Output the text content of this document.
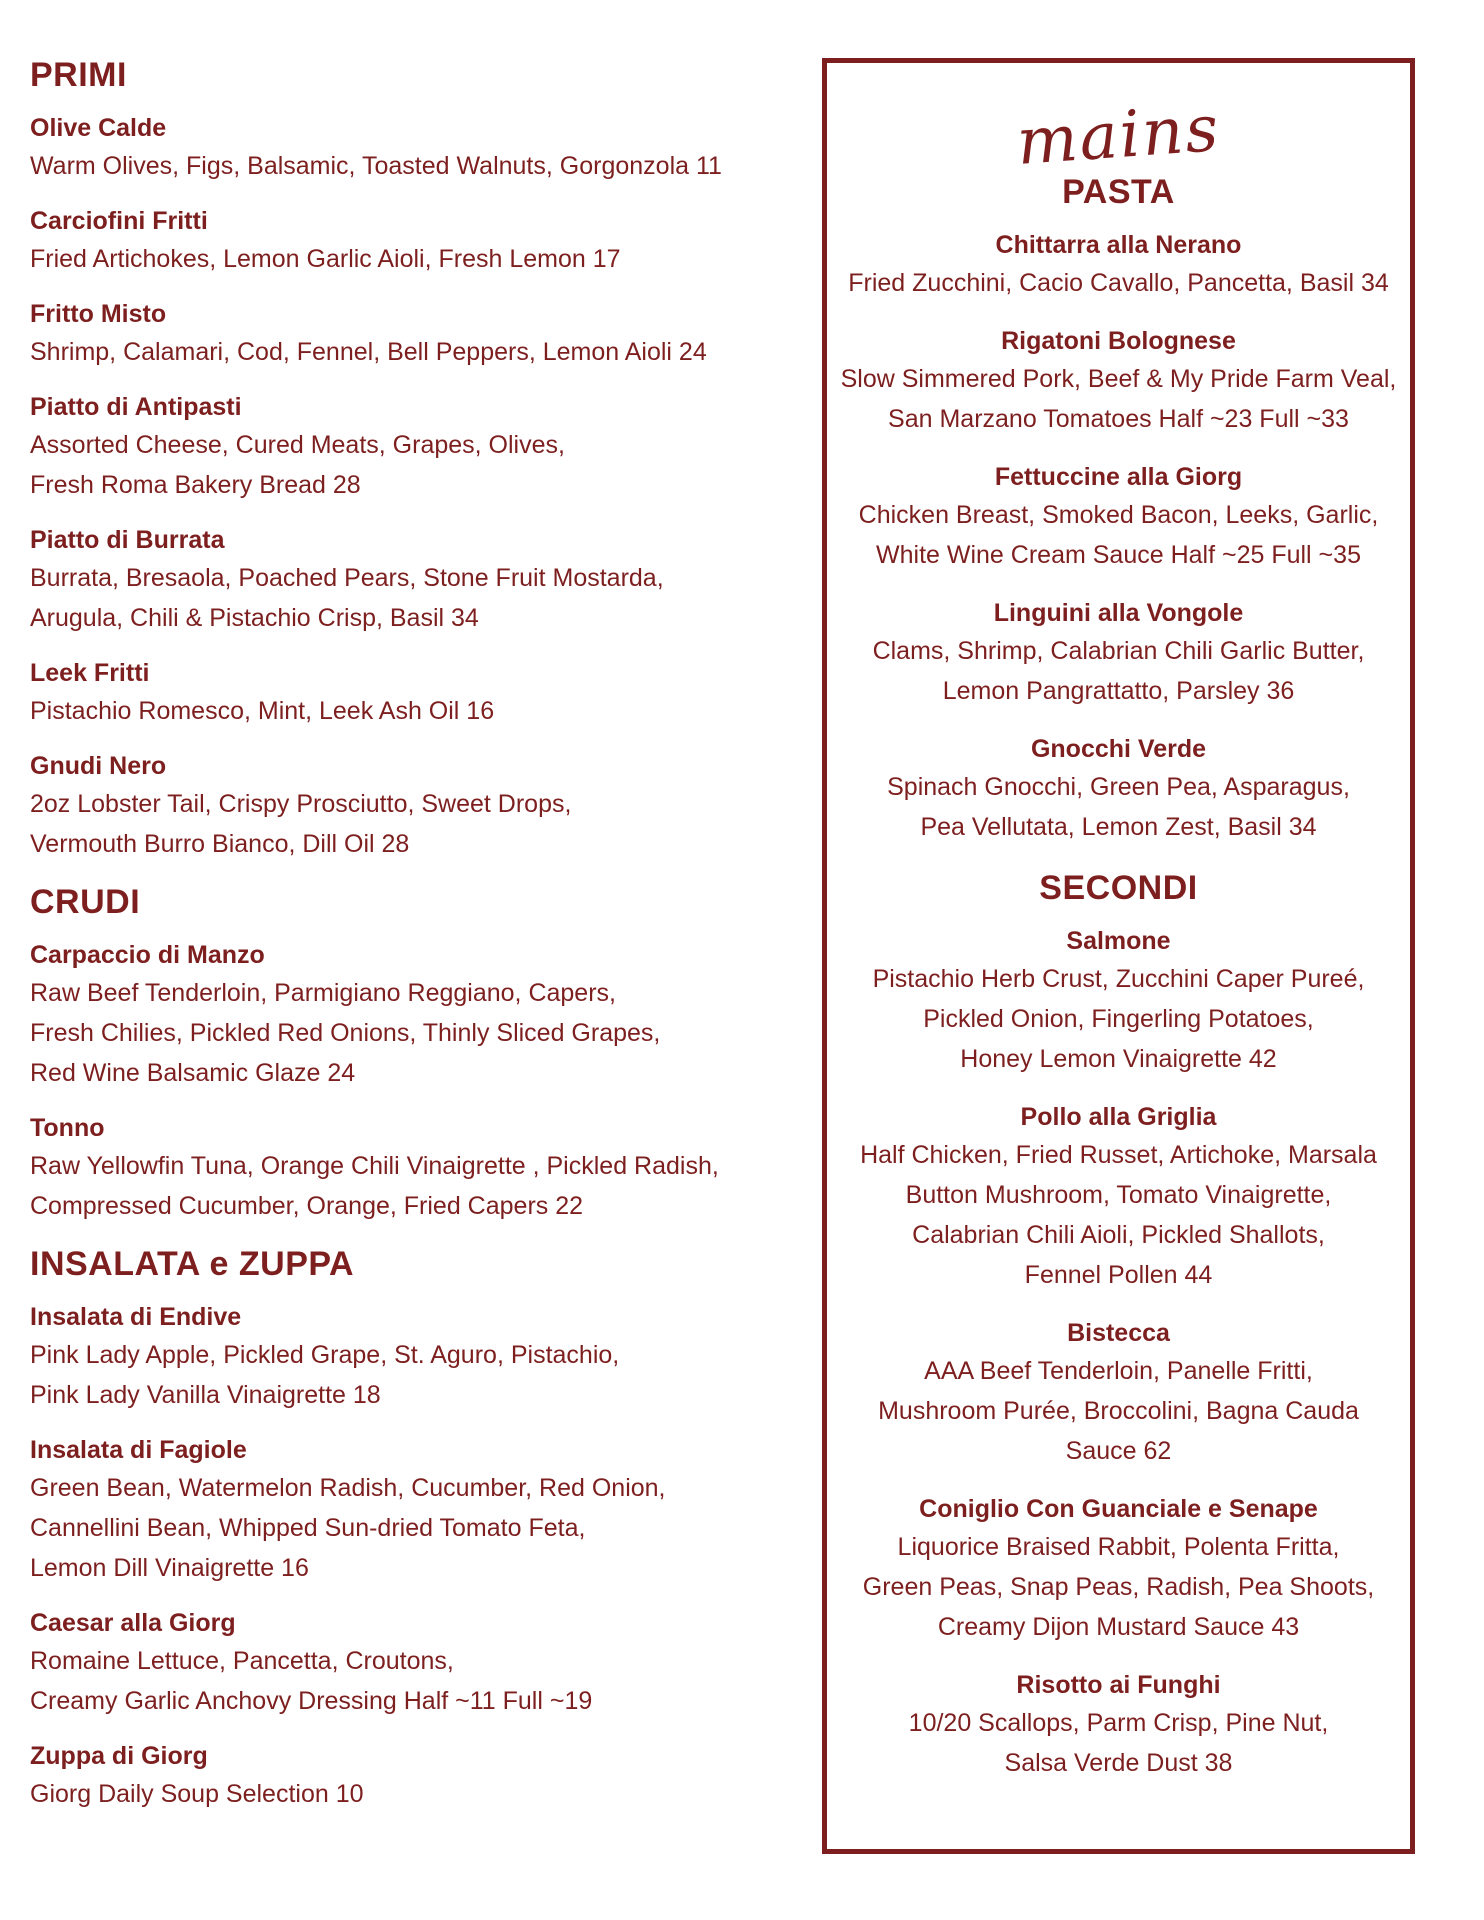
PRIMI
Olive Calde
Warm Olives, Figs, Balsamic, Toasted Walnuts, Gorgonzola 11
Carciofini Fritti
Fried Artichokes, Lemon Garlic Aioli, Fresh Lemon 17
Fritto Misto
Shrimp, Calamari, Cod, Fennel, Bell Peppers, Lemon Aioli 24
Piatto di Antipasti
Assorted Cheese, Cured Meats, Grapes, Olives,
Fresh Roma Bakery Bread 28
Piatto di Burrata
Burrata, Bresaola, Poached Pears, Stone Fruit Mostarda,
Arugula, Chili & Pistachio Crisp, Basil 34
Leek Fritti
Pistachio Romesco, Mint, Leek Ash Oil 16
Gnudi Nero
2oz Lobster Tail, Crispy Prosciutto, Sweet Drops,
Vermouth Burro Bianco, Dill Oil 28
CRUDI
Carpaccio di Manzo
Raw Beef Tenderloin, Parmigiano Reggiano, Capers,
Fresh Chilies, Pickled Red Onions, Thinly Sliced Grapes,
Red Wine Balsamic Glaze 24
Tonno
Raw Yellowfin Tuna, Orange Chili Vinaigrette , Pickled Radish,
Compressed Cucumber, Orange, Fried Capers 22
INSALATA e ZUPPA
Insalata di Endive
Pink Lady Apple, Pickled Grape, St. Aguro, Pistachio,
Pink Lady Vanilla Vinaigrette 18
Insalata di Fagiole
Green Bean, Watermelon Radish, Cucumber, Red Onion,
Cannellini Bean, Whipped Sun-dried Tomato Feta,
Lemon Dill Vinaigrette 16
Caesar alla Giorg
Romaine Lettuce, Pancetta, Croutons,
Creamy Garlic Anchovy Dressing Half ~11 Full ~19
Zuppa di Giorg
Giorg Daily Soup Selection 10
mains
PASTA
Chittarra alla Nerano
Fried Zucchini, Cacio Cavallo, Pancetta, Basil 34
Rigatoni Bolognese
Slow Simmered Pork, Beef & My Pride Farm Veal,
San Marzano Tomatoes Half ~23 Full ~33
Fettuccine alla Giorg
Chicken Breast, Smoked Bacon, Leeks, Garlic,
White Wine Cream Sauce Half ~25 Full ~35
Linguini alla Vongole
Clams, Shrimp, Calabrian Chili Garlic Butter,
Lemon Pangrattatto, Parsley 36
Gnocchi Verde
Spinach Gnocchi, Green Pea, Asparagus,
Pea Vellutata, Lemon Zest, Basil 34
SECONDI
Salmone
Pistachio Herb Crust, Zucchini Caper Pureé,
Pickled Onion, Fingerling Potatoes,
Honey Lemon Vinaigrette 42
Pollo alla Griglia
Half Chicken, Fried Russet, Artichoke, Marsala
Button Mushroom, Tomato Vinaigrette,
Calabrian Chili Aioli, Pickled Shallots,
Fennel Pollen 44
Bistecca
AAA Beef Tenderloin, Panelle Fritti,
Mushroom Purée, Broccolini, Bagna Cauda
Sauce 62
Coniglio Con Guanciale e Senape
Liquorice Braised Rabbit, Polenta Fritta,
Green Peas, Snap Peas, Radish, Pea Shoots,
Creamy Dijon Mustard Sauce 43
Risotto ai Funghi
10/20 Scallops, Parm Crisp, Pine Nut,
Salsa Verde Dust 38
